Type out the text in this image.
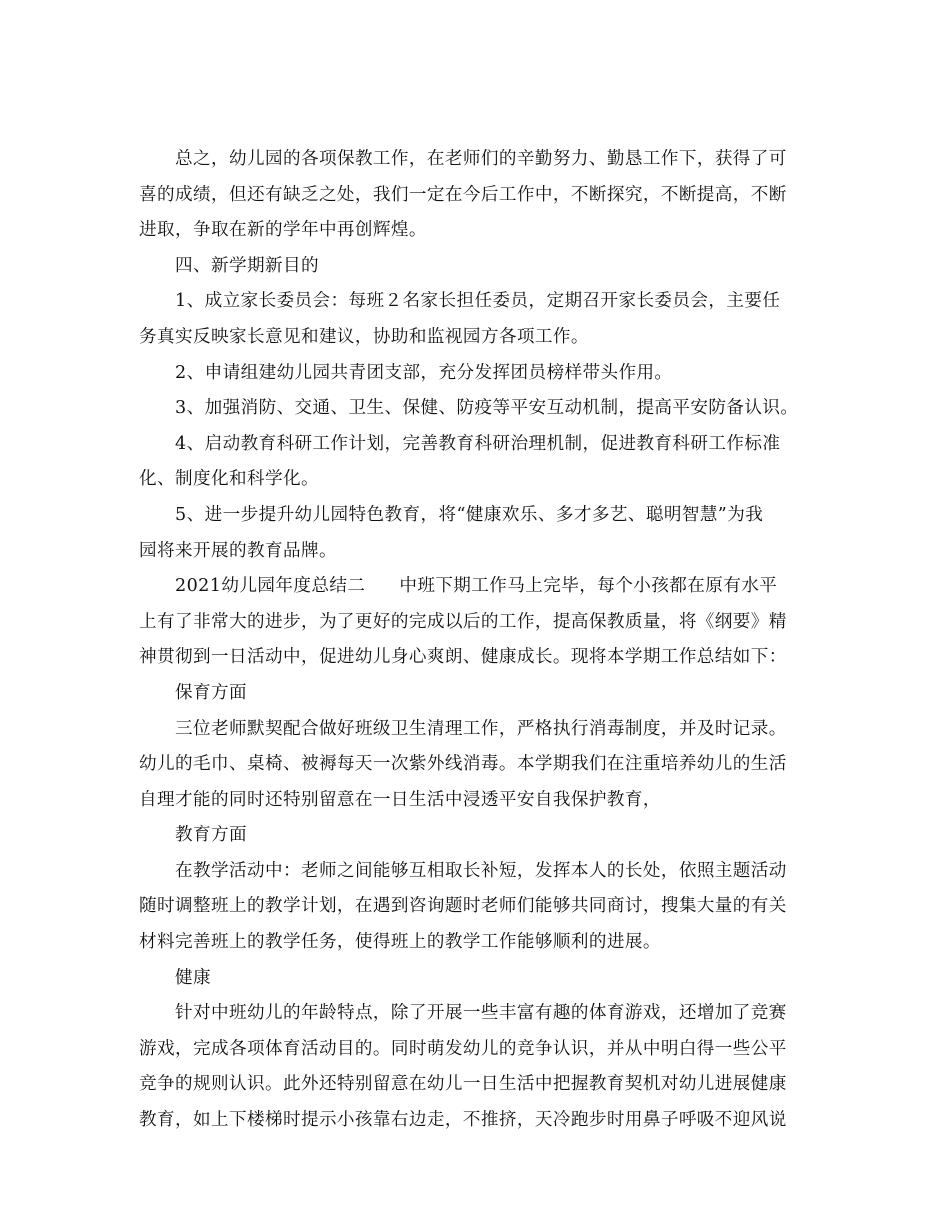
总之，幼儿园的各项保教工作，在老师们的辛勤努力、勤恳工作下，获得了可
喜的成绩，但还有缺乏之处，我们一定在今后工作中，不断探究，不断提高，不断
进取，争取在新的学年中再创辉煌。
四、新学期新目的
1、成立家长委员会：每班２名家长担任委员，定期召开家长委员会，主要任
务真实反映家长意见和建议，协助和监视园方各项工作。
2、申请组建幼儿园共青团支部，充分发挥团员榜样带头作用。
3、加强消防、交通、卫生、保健、防疫等平安互动机制，提高平安防备认识。
4、启动教育科研工作计划，完善教育科研治理机制，促进教育科研工作标准
化、制度化和科学化。
5、进一步提升幼儿园特色教育，将“健康欢乐、多才多艺、聪明智慧”为我
园将来开展的教育品牌。
2021幼儿园年度总结二 中班下期工作马上完毕，每个小孩都在原有水平
上有了非常大的进步，为了更好的完成以后的工作，提高保教质量，将《纲要》精
神贯彻到一日活动中，促进幼儿身心爽朗、健康成长。现将本学期工作总结如下：
保育方面
三位老师默契配合做好班级卫生清理工作，严格执行消毒制度，并及时记录。
幼儿的毛巾、桌椅、被褥每天一次紫外线消毒。本学期我们在注重培养幼儿的生活
自理才能的同时还特别留意在一日生活中浸透平安自我保护教育，
教育方面
在教学活动中：老师之间能够互相取长补短，发挥本人的长处，依照主题活动
随时调整班上的教学计划，在遇到咨询题时老师们能够共同商讨，搜集大量的有关
材料完善班上的教学任务，使得班上的教学工作能够顺利的进展。
健康
针对中班幼儿的年龄特点，除了开展一些丰富有趣的体育游戏，还增加了竞赛
游戏，完成各项体育活动目的。同时萌发幼儿的竞争认识，并从中明白得一些公平
竞争的规则认识。此外还特别留意在幼儿一日生活中把握教育契机对幼儿进展健康
教育，如上下楼梯时提示小孩靠右边走，不推挤，天冷跑步时用鼻子呼吸不迎风说
